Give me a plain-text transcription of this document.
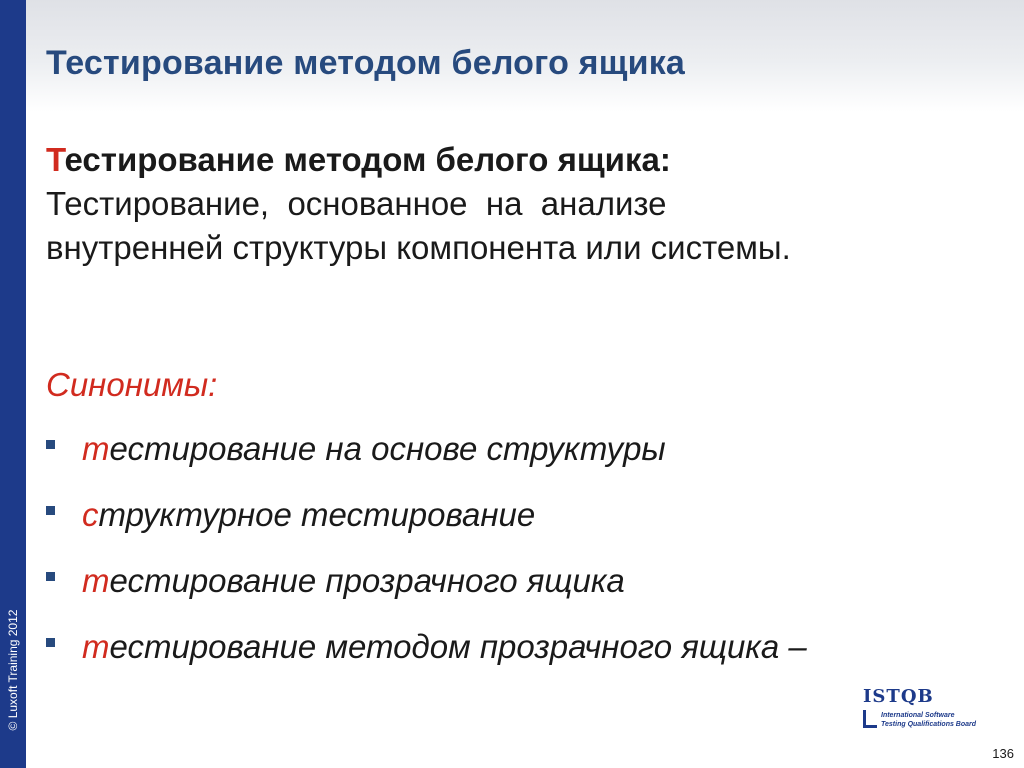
© Luxoft Training 2012
Тестирование методом белого ящика
Тестирование методом белого ящика:
Тестирование,  основанное  на  анализе
внутренней структуры компонента или системы.
Синонимы:
тестирование на основе структуры
структурное тестирование
тестирование прозрачного ящика
тестирование методом прозрачного ящика –
ISTQB
International Software
Testing Qualifications Board
136
